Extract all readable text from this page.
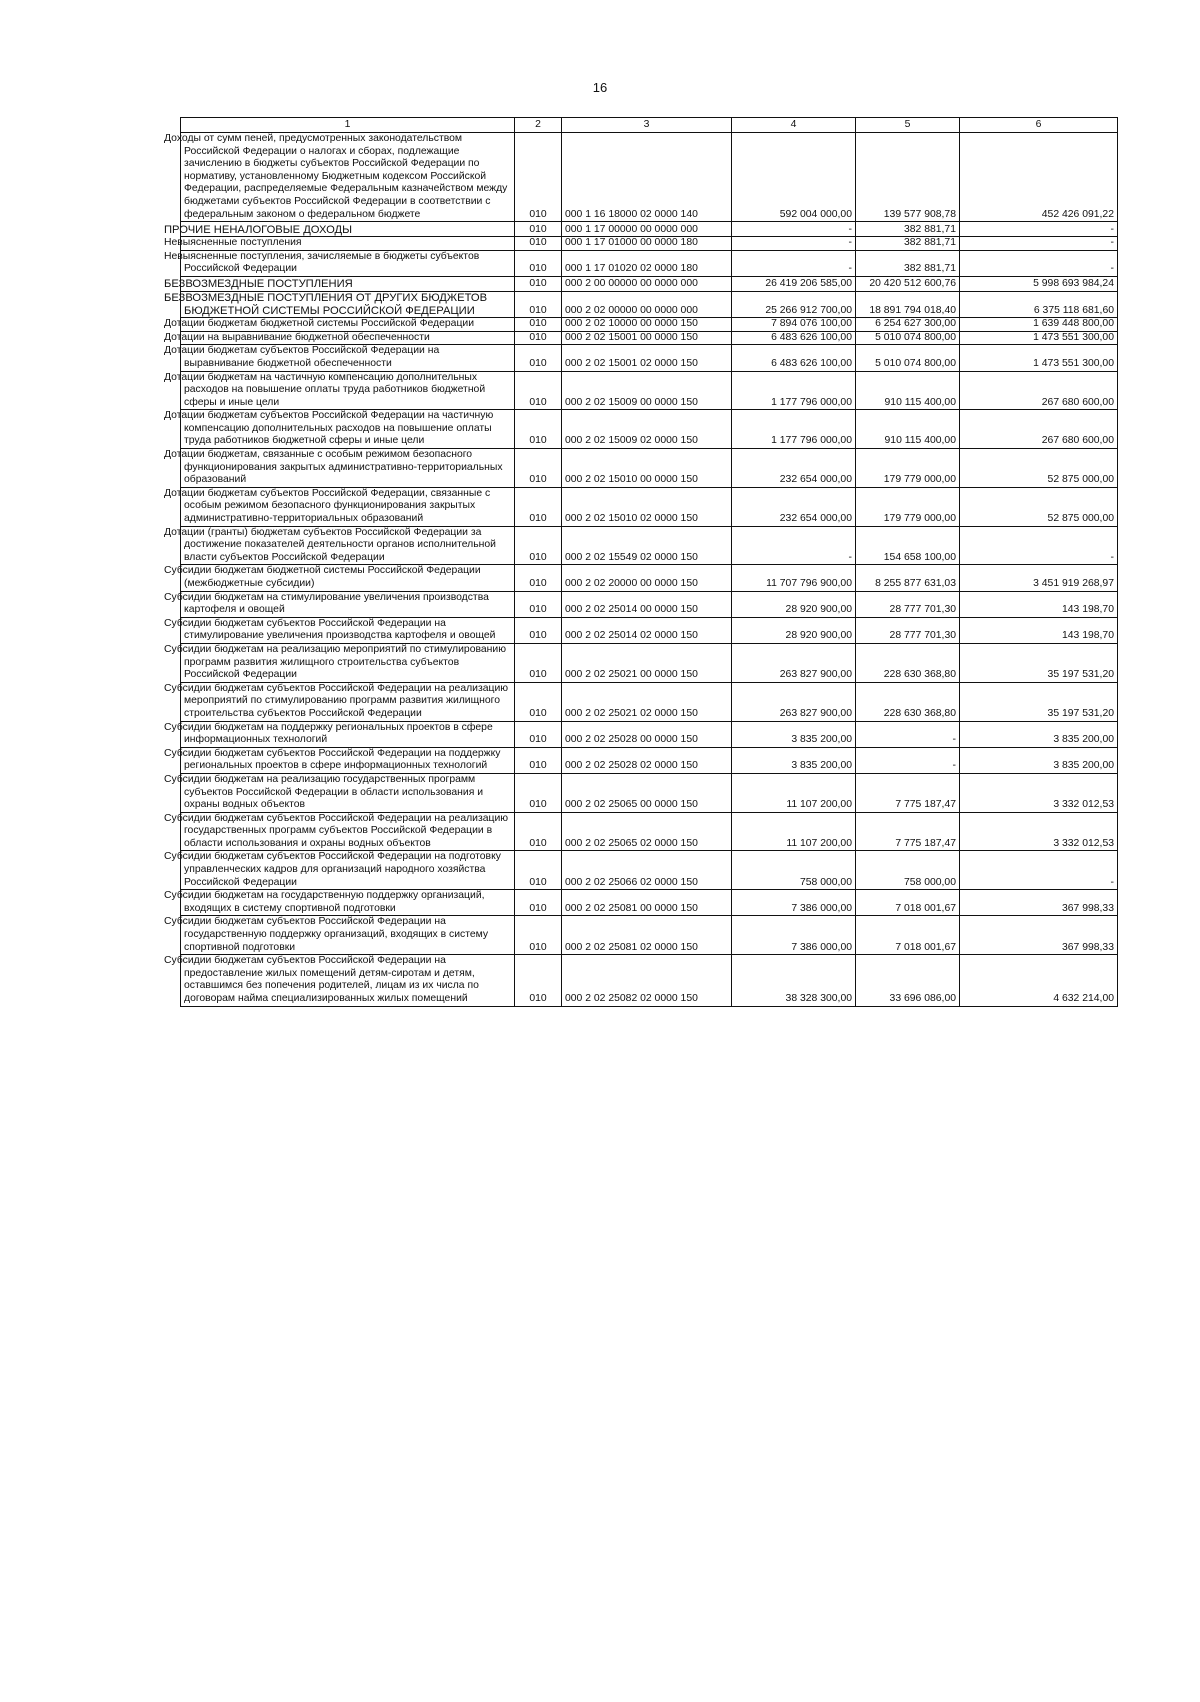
16
1	2	3	4	5	6
Доходы от сумм пеней, предусмотренных законодательством Российской Федерации о налогах и сборах, подлежащие зачислению в бюджеты субъектов Российской Федерации по нормативу, установленному Бюджетным кодексом Российской Федерации, распределяемые Федеральным казначейством между бюджетами субъектов Российской Федерации в соответствии с федеральным законом о федеральном бюджете	010	000 1 16 18000 02 0000 140	592 004 000,00	139 577 908,78	452 426 091,22
ПРОЧИЕ НЕНАЛОГОВЫЕ ДОХОДЫ	010	000 1 17 00000 00 0000 000	-	382 881,71	-
Невыясненные поступления	010	000 1 17 01000 00 0000 180	-	382 881,71	-
Невыясненные поступления, зачисляемые в бюджеты субъектов Российской Федерации	010	000 1 17 01020 02 0000 180	-	382 881,71	-
БЕЗВОЗМЕЗДНЫЕ ПОСТУПЛЕНИЯ	010	000 2 00 00000 00 0000 000	26 419 206 585,00	20 420 512 600,76	5 998 693 984,24
БЕЗВОЗМЕЗДНЫЕ ПОСТУПЛЕНИЯ ОТ ДРУГИХ БЮДЖЕТОВ БЮДЖЕТНОЙ СИСТЕМЫ РОССИЙСКОЙ ФЕДЕРАЦИИ	010	000 2 02 00000 00 0000 000	25 266 912 700,00	18 891 794 018,40	6 375 118 681,60
Дотации бюджетам бюджетной системы Российской Федерации	010	000 2 02 10000 00 0000 150	7 894 076 100,00	6 254 627 300,00	1 639 448 800,00
Дотации на выравнивание бюджетной обеспеченности	010	000 2 02 15001 00 0000 150	6 483 626 100,00	5 010 074 800,00	1 473 551 300,00
Дотации бюджетам субъектов Российской Федерации на выравнивание бюджетной обеспеченности	010	000 2 02 15001 02 0000 150	6 483 626 100,00	5 010 074 800,00	1 473 551 300,00
Дотации бюджетам на частичную компенсацию дополнительных расходов на повышение оплаты труда работников бюджетной сферы и иные цели	010	000 2 02 15009 00 0000 150	1 177 796 000,00	910 115 400,00	267 680 600,00
Дотации бюджетам субъектов Российской Федерации на частичную компенсацию дополнительных расходов на повышение оплаты труда работников бюджетной сферы и иные цели	010	000 2 02 15009 02 0000 150	1 177 796 000,00	910 115 400,00	267 680 600,00
Дотации бюджетам, связанные с особым режимом безопасного функционирования закрытых административно-территориальных образований	010	000 2 02 15010 00 0000 150	232 654 000,00	179 779 000,00	52 875 000,00
Дотации бюджетам субъектов Российской Федерации, связанные с особым режимом безопасного функционирования закрытых административно-территориальных образований	010	000 2 02 15010 02 0000 150	232 654 000,00	179 779 000,00	52 875 000,00
Дотации (гранты) бюджетам субъектов Российской Федерации за достижение показателей деятельности органов исполнительной власти субъектов Российской Федерации	010	000 2 02 15549 02 0000 150	-	154 658 100,00	-
Субсидии бюджетам бюджетной системы Российской Федерации (межбюджетные субсидии)	010	000 2 02 20000 00 0000 150	11 707 796 900,00	8 255 877 631,03	3 451 919 268,97
Субсидии бюджетам на стимулирование увеличения производства картофеля и овощей	010	000 2 02 25014 00 0000 150	28 920 900,00	28 777 701,30	143 198,70
Субсидии бюджетам субъектов Российской Федерации на стимулирование увеличения производства картофеля и овощей	010	000 2 02 25014 02 0000 150	28 920 900,00	28 777 701,30	143 198,70
Субсидии бюджетам на реализацию мероприятий по стимулированию программ развития жилищного строительства субъектов Российской Федерации	010	000 2 02 25021 00 0000 150	263 827 900,00	228 630 368,80	35 197 531,20
Субсидии бюджетам субъектов Российской Федерации на реализацию мероприятий по стимулированию программ развития жилищного строительства субъектов Российской Федерации	010	000 2 02 25021 02 0000 150	263 827 900,00	228 630 368,80	35 197 531,20
Субсидии бюджетам на поддержку региональных проектов в сфере информационных технологий	010	000 2 02 25028 00 0000 150	3 835 200,00	-	3 835 200,00
Субсидии бюджетам субъектов Российской Федерации на поддержку региональных проектов в сфере информационных технологий	010	000 2 02 25028 02 0000 150	3 835 200,00	-	3 835 200,00
Субсидии бюджетам на реализацию государственных программ субъектов Российской Федерации в области использования и охраны водных объектов	010	000 2 02 25065 00 0000 150	11 107 200,00	7 775 187,47	3 332 012,53
Субсидии бюджетам субъектов Российской Федерации на реализацию государственных программ субъектов Российской Федерации в области использования и охраны водных объектов	010	000 2 02 25065 02 0000 150	11 107 200,00	7 775 187,47	3 332 012,53
Субсидии бюджетам субъектов Российской Федерации на подготовку управленческих кадров для организаций народного хозяйства Российской Федерации	010	000 2 02 25066 02 0000 150	758 000,00	758 000,00	-
Субсидии бюджетам на государственную поддержку организаций, входящих в систему спортивной подготовки	010	000 2 02 25081 00 0000 150	7 386 000,00	7 018 001,67	367 998,33
Субсидии бюджетам субъектов Российской Федерации на государственную поддержку организаций, входящих в систему спортивной подготовки	010	000 2 02 25081 02 0000 150	7 386 000,00	7 018 001,67	367 998,33
Субсидии бюджетам субъектов Российской Федерации на предоставление жилых помещений детям-сиротам и детям, оставшимся без попечения родителей, лицам из их числа по договорам найма специализированных жилых помещений	010	000 2 02 25082 02 0000 150	38 328 300,00	33 696 086,00	4 632 214,00
